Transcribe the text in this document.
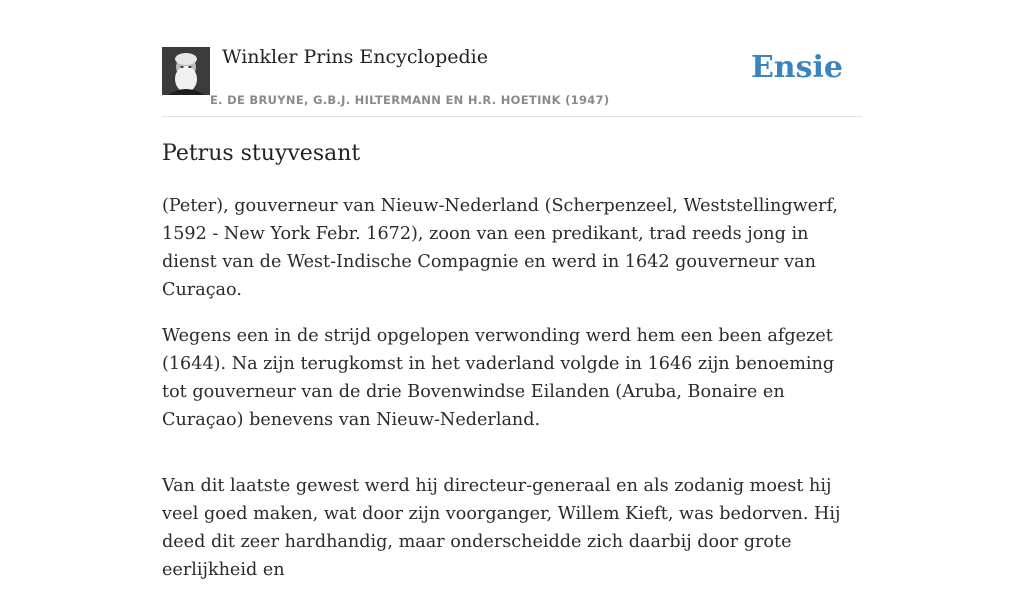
Winkler Prins Encyclopedie
E. DE BRUYNE, G.B.J. HILTERMANN EN H.R. HOETINK (1947)
Ensie
Petrus stuyvesant

(Peter), gouverneur van Nieuw-Nederland (Scherpenzeel, Weststellingwerf, 1592 - New York Febr. 1672), zoon van een predikant, trad reeds jong in dienst van de West-Indische Compagnie en werd in 1642 gouverneur van Curaçao.

Wegens een in de strijd opgelopen verwonding werd hem een been afgezet (1644). Na zijn terugkomst in het vaderland volgde in 1646 zijn benoeming tot gouverneur van de drie Bovenwindse Eilanden (Aruba, Bonaire en Curaçao) benevens van Nieuw-Nederland.

Van dit laatste gewest werd hij directeur-generaal en als zodanig moest hij veel goed maken, wat door zijn voorganger, Willem Kieft, was bedorven. Hij deed dit zeer hardhandig, maar onderscheidde zich daarbij door grote eerlijkheid en
